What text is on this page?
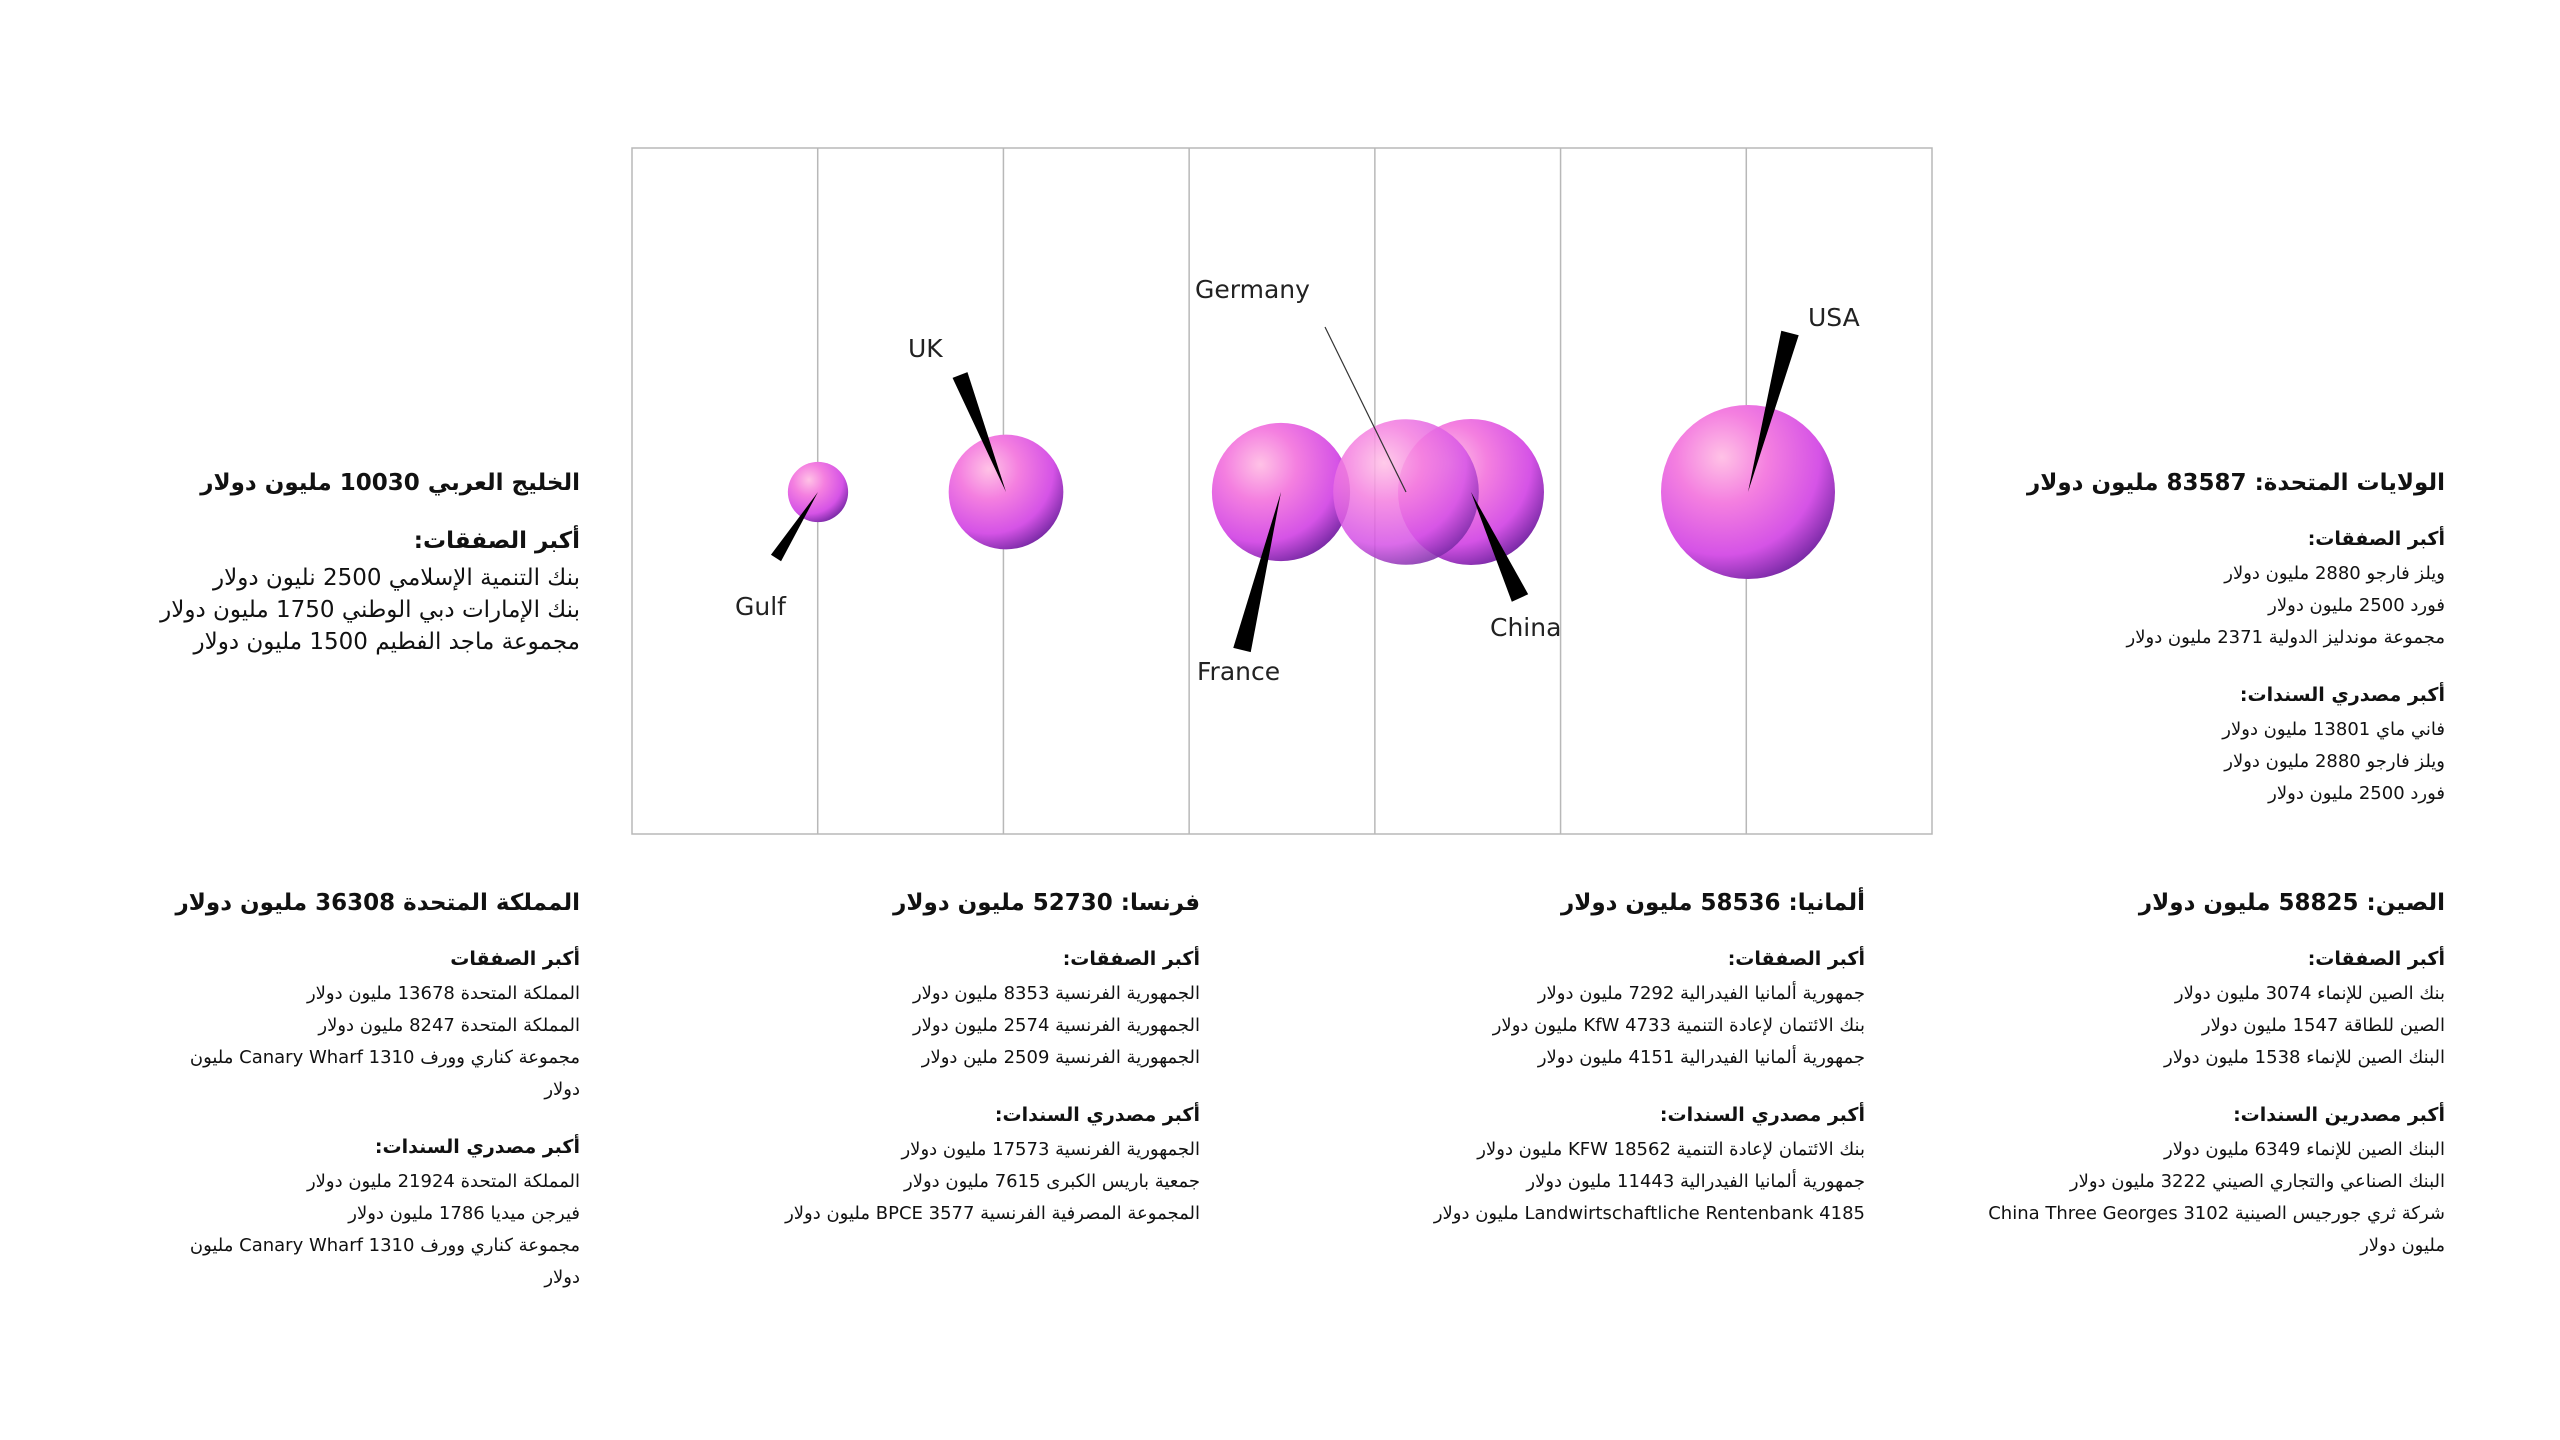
Gulf
UK
France
Germany
China
USA
الولايات المتحدة: 83587 مليون دولار
أكبر الصفقات:
ويلز فارجو 2880 مليون دولار
فورد 2500 مليون دولار
مجموعة موندليز الدولية 2371 مليون دولار
أكبر مصدري السندات:
فاني ماي 13801 مليون دولار
ويلز فارجو 2880 مليون دولار
فورد 2500 مليون دولار
الخليج العربي 10030 مليون دولار
أكبر الصفقات:
بنك التنمية الإسلامي 2500 نليون دولار
بنك الإمارات دبي الوطني 1750 مليون دولار
مجموعة ماجد الفطيم 1500 مليون دولار
الصين: 58825 مليون دولار
أكبر الصفقات:
بنك الصين للإنماء 3074 مليون دولار
الصين للطاقة 1547 مليون دولار
البنك الصين للإنماء 1538 مليون دولار
أكبر مصدرين السندات:
البنك الصين للإنماء 6349 مليون دولار
البنك الصناعي والتجاري الصيني 3222 مليون دولار
شركة ثري جورجيس الصينية China Three Georges 3102 مليون دولار
ألمانيا: 58536 مليون دولار
أكبر الصفقات:
جمهورية ألمانيا الفيدرالية 7292 مليون دولار
بنك الائتمان لإعادة التنمية 4733 KfW مليون دولار
جمهورية ألمانيا الفيدرالية 4151 مليون دولار
أكبر مصدري السندات:
بنك الائتمان لإعادة التنمية KFW 18562 مليون دولار
جمهورية ألمانيا الفيدرالية 11443 مليون دولار
Landwirtschaftliche Rentenbank 4185 مليون دولار
فرنسا: 52730 مليون دولار
أكبر الصفقات:
الجمهورية الفرنسية 8353 مليون دولار
الجمهورية الفرنسية 2574 مليون دولار
الجمهورية الفرنسية 2509 ملين دولار
أكبر مصدري السندات:
الجمهورية الفرنسية 17573 مليون دولار
جمعية باريس الكبرى 7615 مليون دولار
المجموعة المصرفية الفرنسية BPCE 3577 مليون دولار
المملكة المتحدة 36308 مليون دولار
أكبر الصفقات
المملكة المتحدة 13678 مليون دولار
المملكة المتحدة 8247 مليون دولار
مجموعة كناري وورف Canary Wharf 1310 مليون دولار
أكبر مصدري السندات:
المملكة المتحدة 21924 مليون دولار
فيرجن ميديا 1786 مليون دولار
مجموعة كناري وورف Canary Wharf 1310 مليون دولار
